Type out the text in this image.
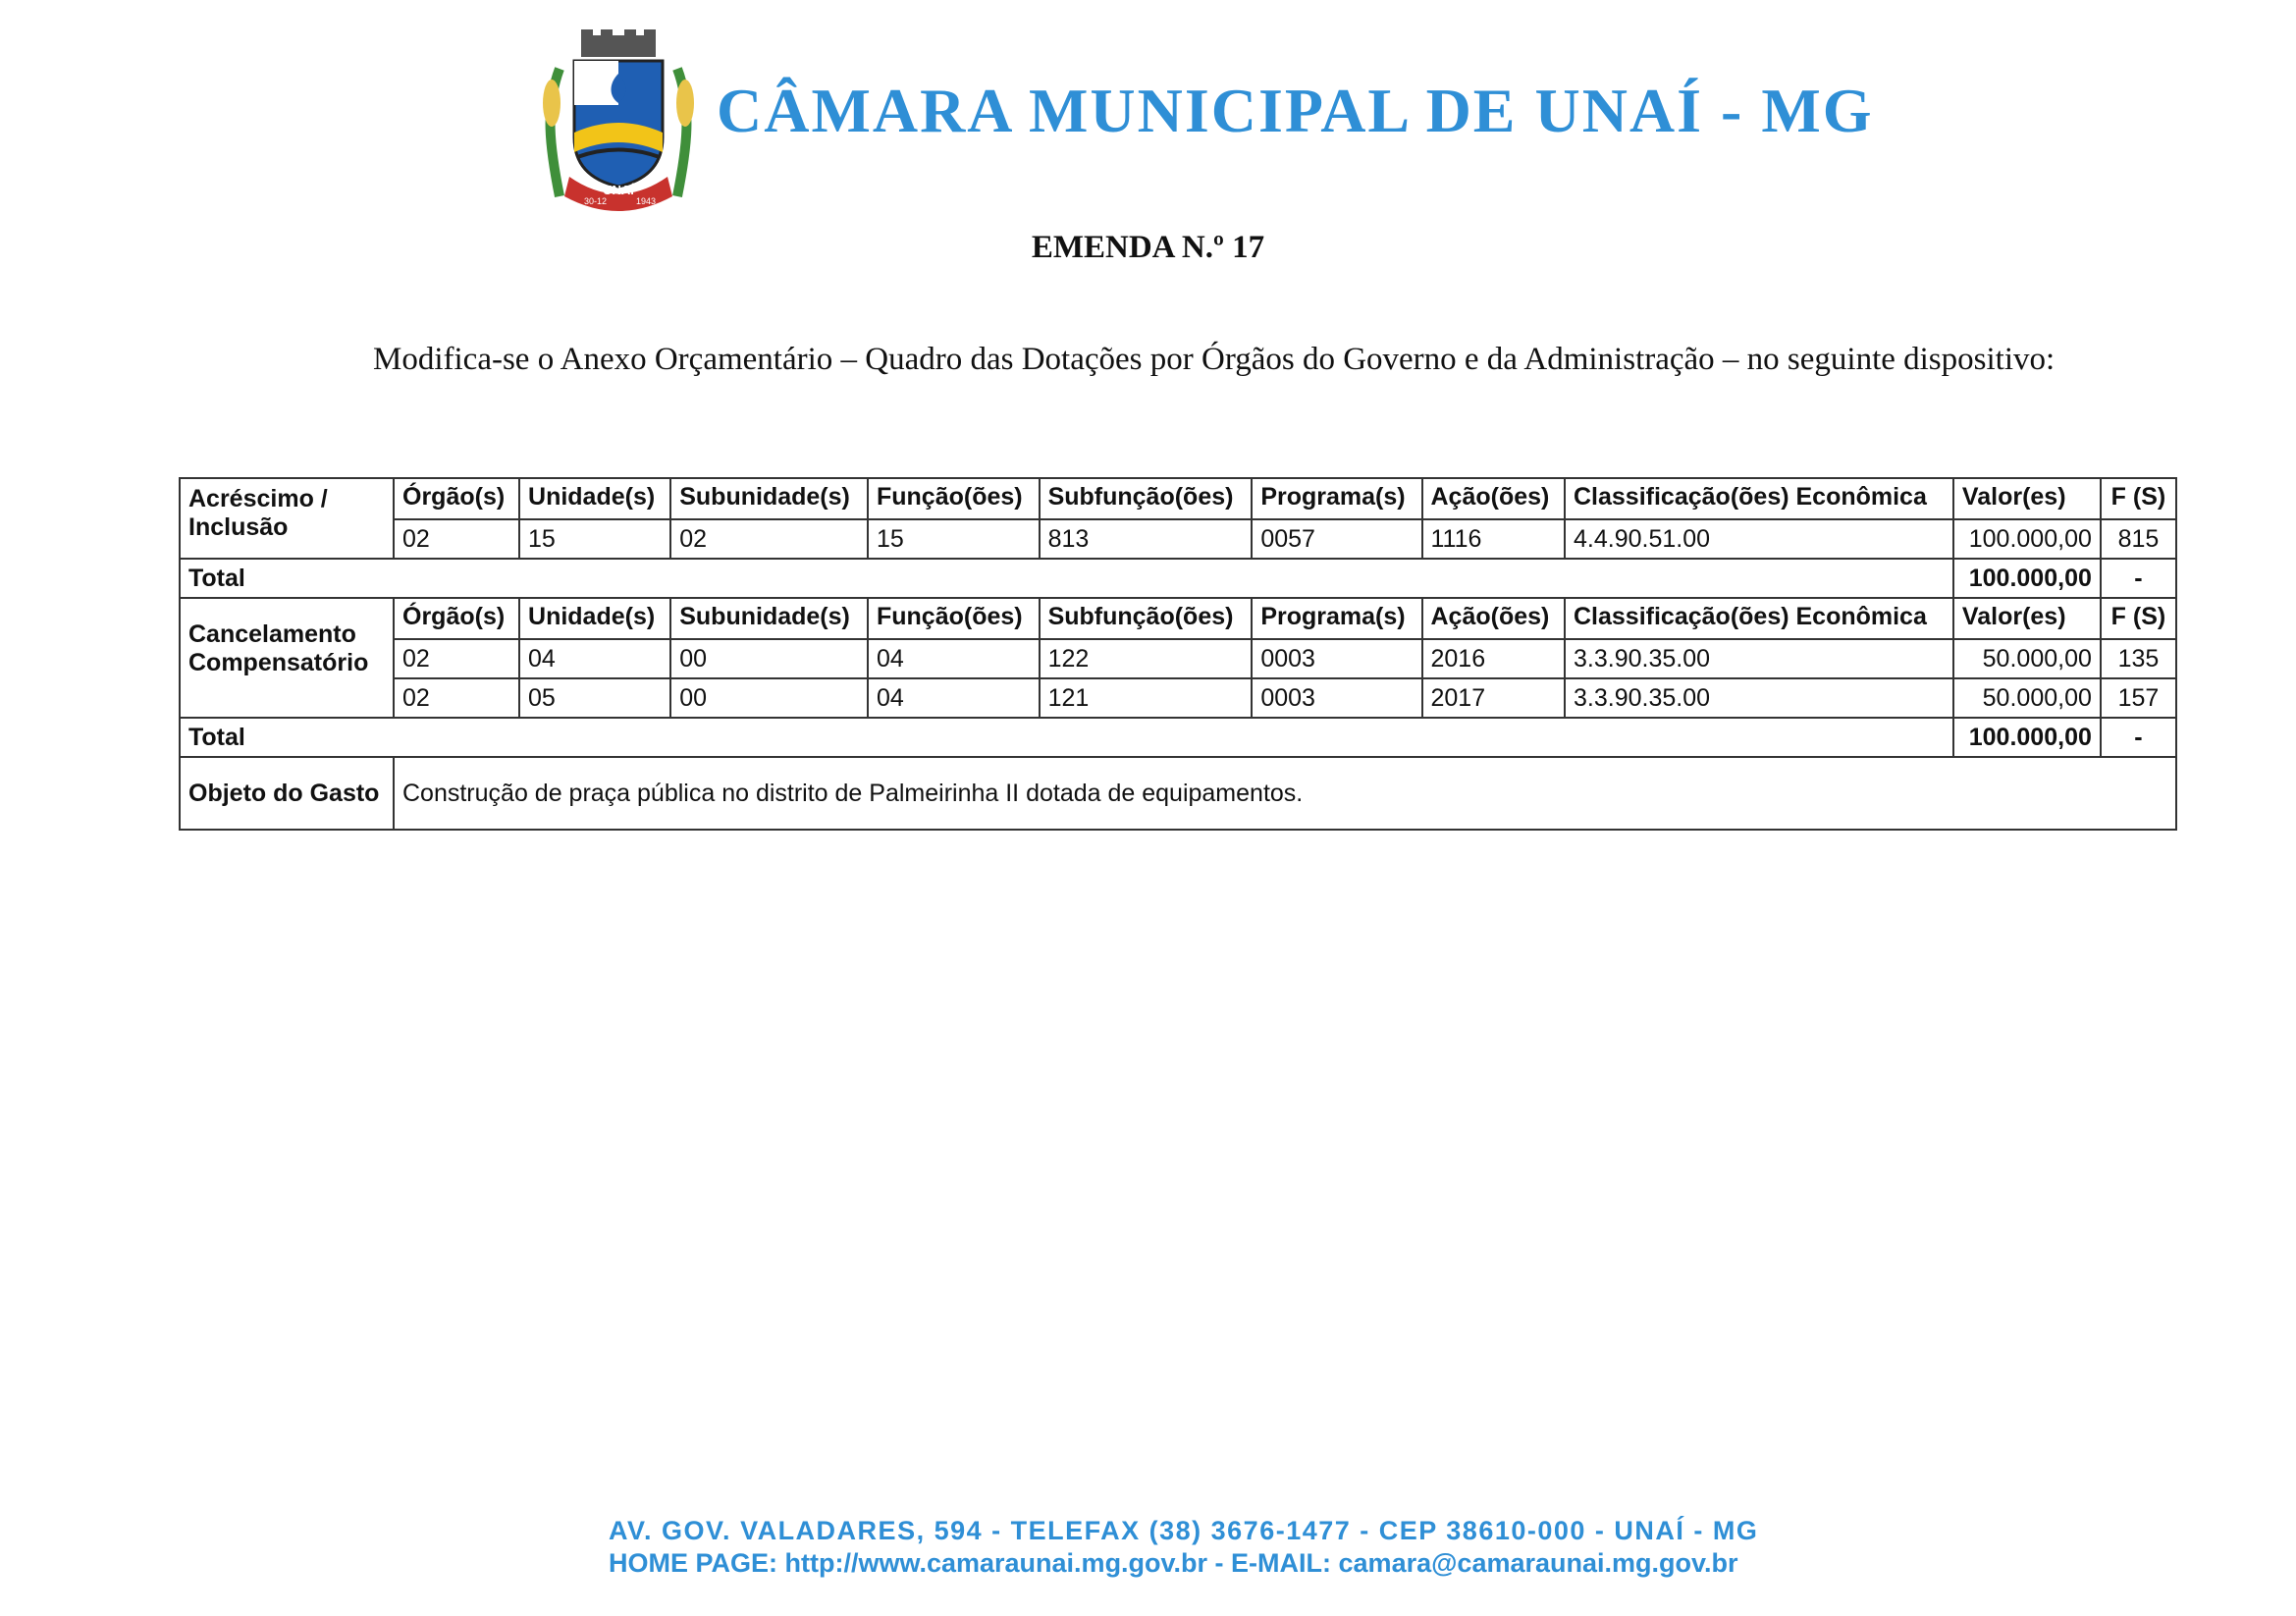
UNAÍ
30-12	1943
CÂMARA MUNICIPAL DE UNAÍ - MG
EMENDA N.º 17
Modifica-se o Anexo Orçamentário – Quadro das Dotações por Órgãos do Governo e da Administração – no seguinte dispositivo:
Acréscimo / Inclusão	Órgão(s)	Unidade(s)	Subunidade(s)	Função(ões)	Subfunção(ões)	Programa(s)	Ação(ões)	Classificação(ões) Econômica	Valor(es)	F (S)
	02	15	02	15	813	0057	1116	4.4.90.51.00	100.000,00	815
Total									100.000,00	-
Cancelamento Compensatório	Órgão(s)	Unidade(s)	Subunidade(s)	Função(ões)	Subfunção(ões)	Programa(s)	Ação(ões)	Classificação(ões) Econômica	Valor(es)	F (S)
	02	04	00	04	122	0003	2016	3.3.90.35.00	50.000,00	135
	02	05	00	04	121	0003	2017	3.3.90.35.00	50.000,00	157
Total									100.000,00	-
Objeto do Gasto	Construção de praça pública no distrito de Palmeirinha II dotada de equipamentos.									
AV. GOV. VALADARES, 594 - TELEFAX (38) 3676-1477 - CEP 38610-000 - UNAÍ - MG
HOME PAGE: http://www.camaraunai.mg.gov.br - E-MAIL: camara@camaraunai.mg.gov.br
